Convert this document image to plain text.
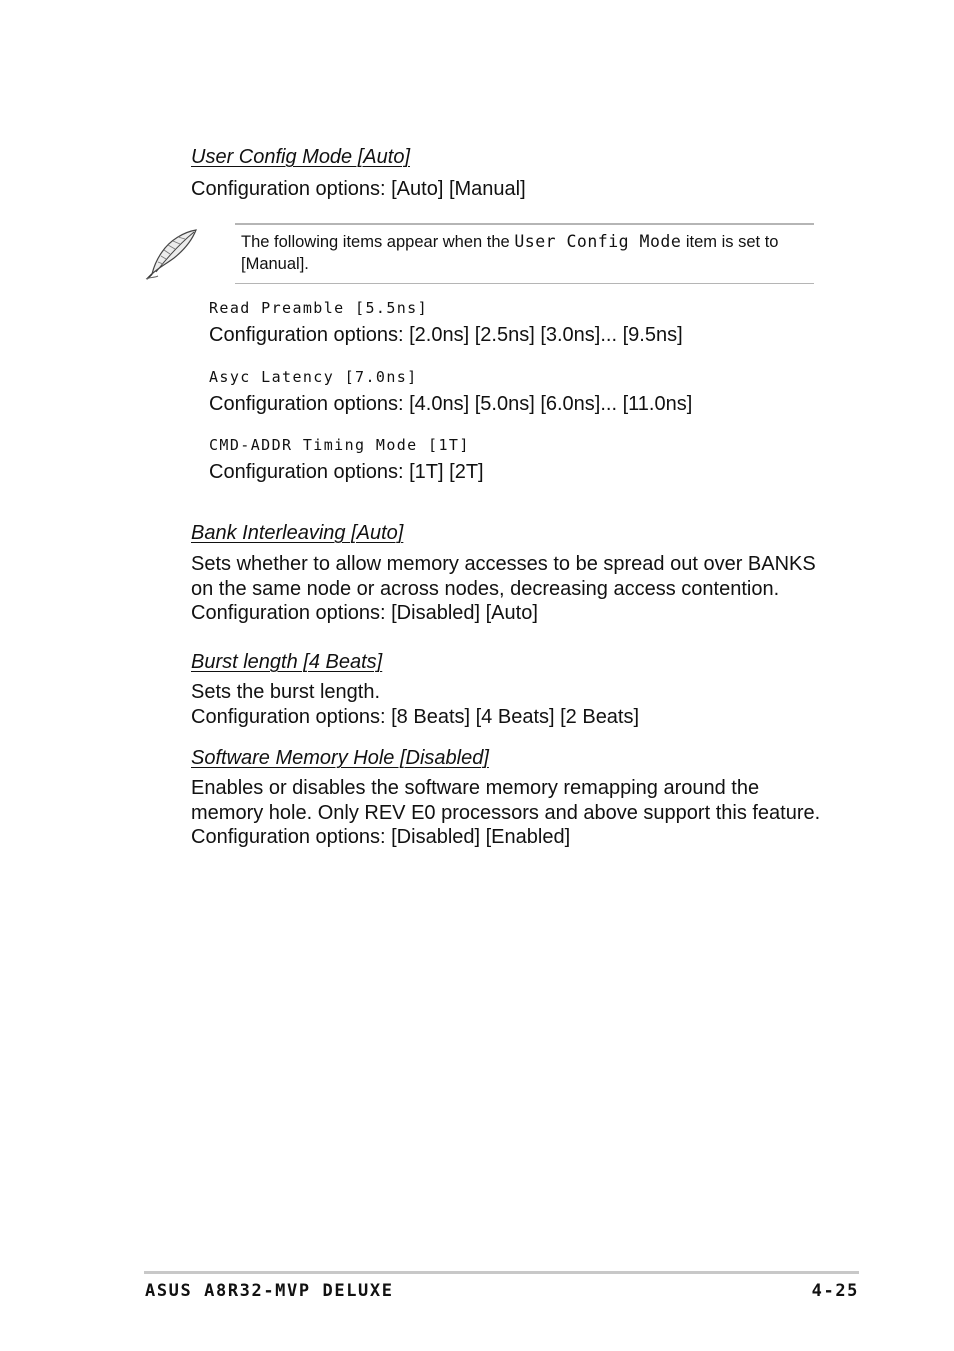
User Config Mode [Auto]
Configuration options: [Auto] [Manual]
The following items appear when the User Config Mode item is set to [Manual].
Read Preamble [5.5ns]
Configuration options: [2.0ns] [2.5ns] [3.0ns]... [9.5ns]
Asyc Latency [7.0ns]
Configuration options: [4.0ns] [5.0ns] [6.0ns]... [11.0ns]
CMD-ADDR Timing Mode [1T]
Configuration options: [1T] [2T]
Bank Interleaving [Auto]
Sets whether to allow memory accesses to be spread out over BANKS
on the same node or across nodes, decreasing access contention.
Configuration options: [Disabled] [Auto]
Burst length [4 Beats]
Sets the burst length.
Configuration options: [8 Beats] [4 Beats] [2 Beats]
Software Memory Hole [Disabled]
Enables or disables the software memory remapping around the
memory hole. Only REV E0 processors and above support this feature.
Configuration options: [Disabled] [Enabled]
ASUS A8R32-MVP DELUXE	4-25
